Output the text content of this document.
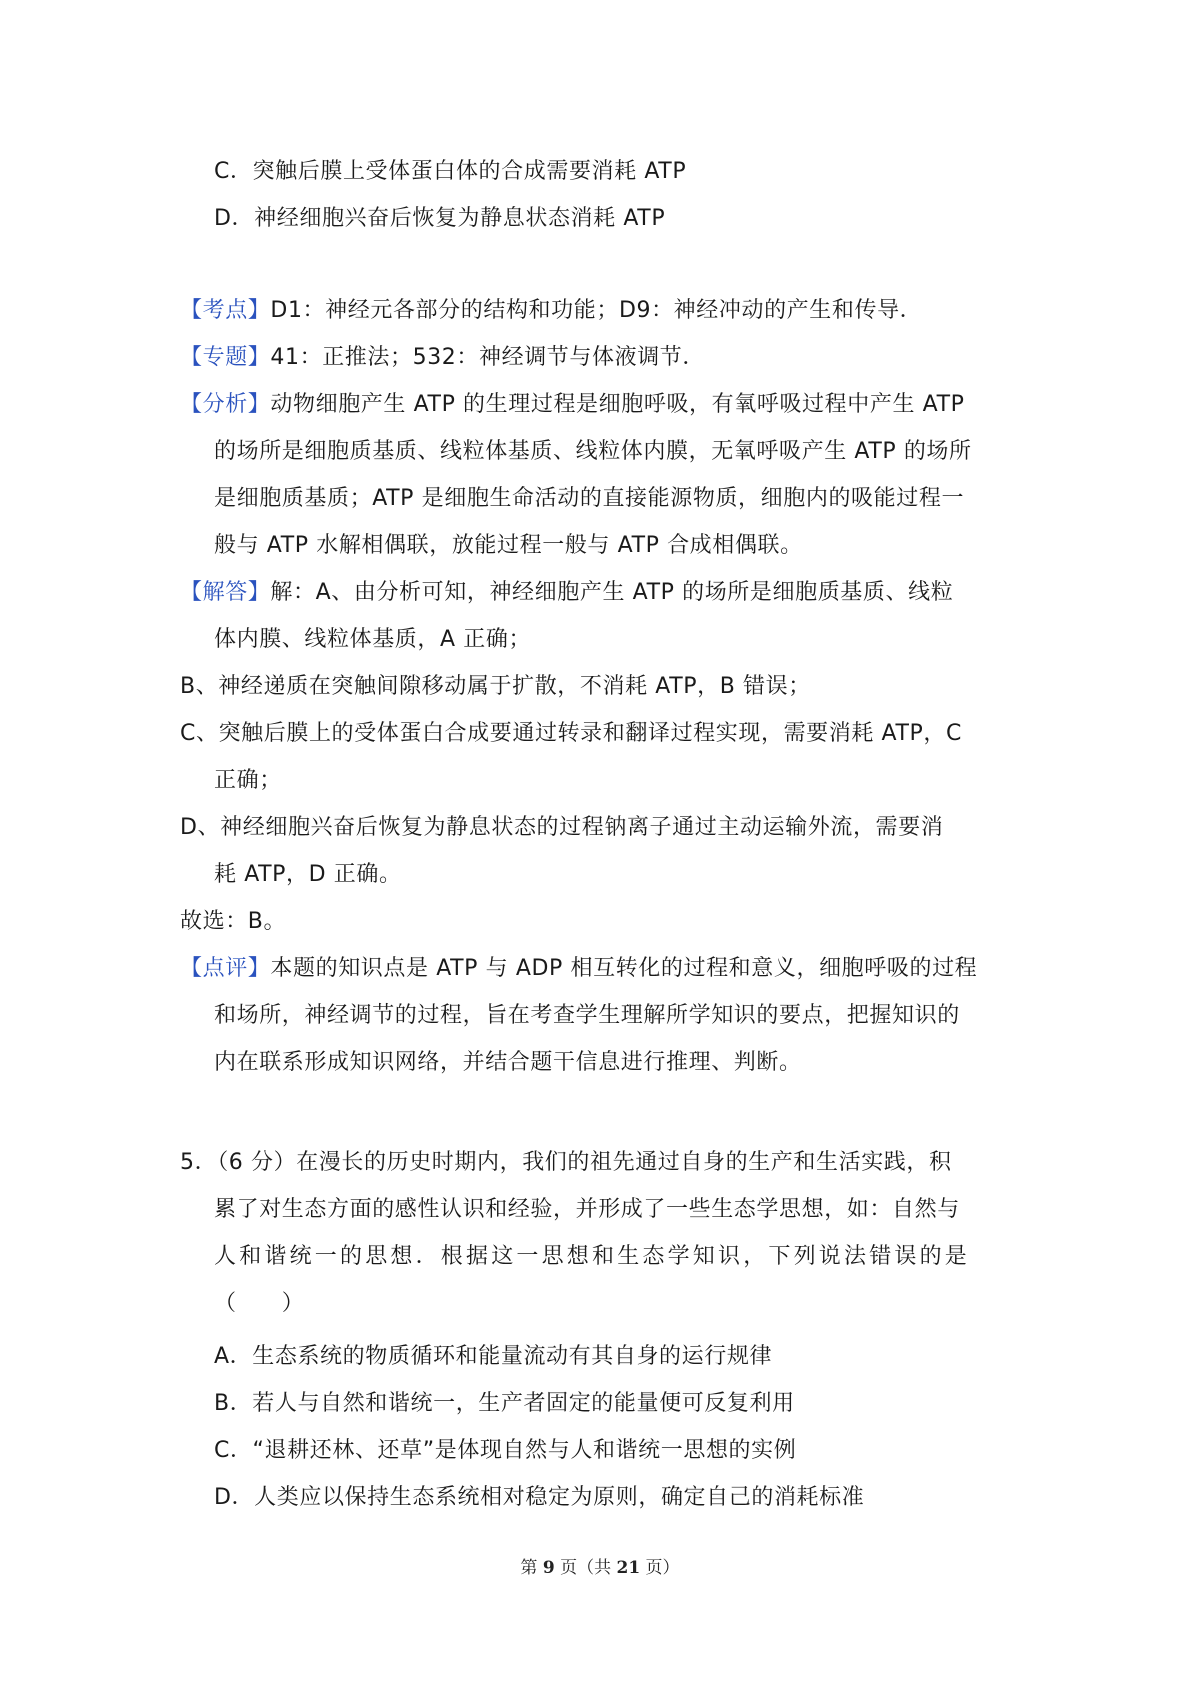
C．突触后膜上受体蛋白体的合成需要消耗 ATP
D．神经细胞兴奋后恢复为静息状态消耗 ATP
【考点】D1：神经元各部分的结构和功能；D9：神经冲动的产生和传导．
【专题】41：正推法；532：神经调节与体液调节．
【分析】动物细胞产生 ATP 的生理过程是细胞呼吸，有氧呼吸过程中产生 ATP
的场所是细胞质基质、线粒体基质、线粒体内膜，无氧呼吸产生 ATP 的场所
是细胞质基质；ATP 是细胞生命活动的直接能源物质，细胞内的吸能过程一
般与 ATP 水解相偶联，放能过程一般与 ATP 合成相偶联。
【解答】解：A、由分析可知，神经细胞产生 ATP 的场所是细胞质基质、线粒
体内膜、线粒体基质，A 正确；
B、神经递质在突触间隙移动属于扩散，不消耗 ATP，B 错误；
C、突触后膜上的受体蛋白合成要通过转录和翻译过程实现，需要消耗 ATP，C
正确；
D、神经细胞兴奋后恢复为静息状态的过程钠离子通过主动运输外流，需要消
耗 ATP，D 正确。
故选：B。
【点评】本题的知识点是 ATP 与 ADP 相互转化的过程和意义，细胞呼吸的过程
和场所，神经调节的过程，旨在考查学生理解所学知识的要点，把握知识的
内在联系形成知识网络，并结合题干信息进行推理、判断。
5．（6 分）在漫长的历史时期内，我们的祖先通过自身的生产和生活实践，积
累了对生态方面的感性认识和经验，并形成了一些生态学思想，如：自然与
人和谐统一的思想．根据这一思想和生态学知识，下列说法错误的是
（　　）
A．生态系统的物质循环和能量流动有其自身的运行规律
B．若人与自然和谐统一，生产者固定的能量便可反复利用
C．“退耕还林、还草”是体现自然与人和谐统一思想的实例
D．人类应以保持生态系统相对稳定为原则，确定自己的消耗标准
第 9 页（共 21 页）
